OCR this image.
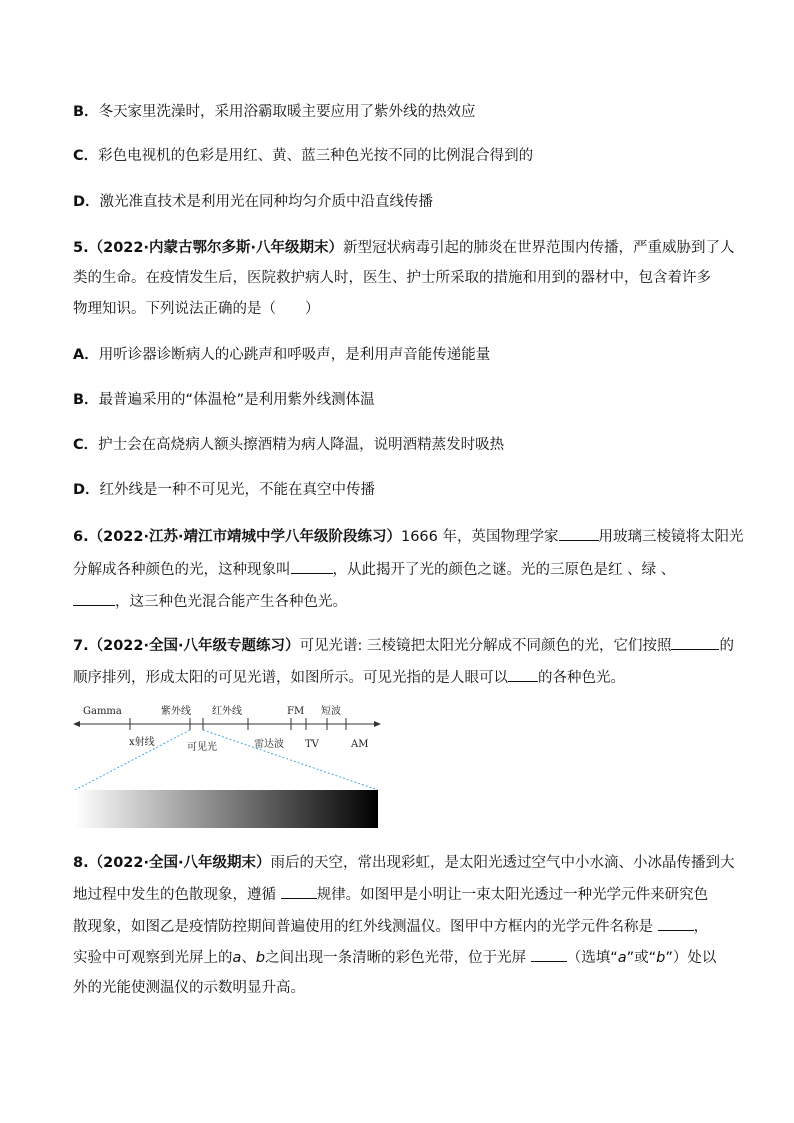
B．冬天家里洗澡时，采用浴霸取暖主要应用了紫外线的热效应
C．彩色电视机的色彩是用红、黄、蓝三种色光按不同的比例混合得到的
D．激光准直技术是利用光在同种均匀介质中沿直线传播
5.（2022·内蒙古鄂尔多斯·八年级期末）新型冠状病毒引起的肺炎在世界范围内传播，严重威胁到了人
类的生命。在疫情发生后，医院救护病人时，医生、护士所采取的措施和用到的器材中，包含着许多
物理知识。下列说法正确的是（　　）
A．用听诊器诊断病人的心跳声和呼吸声，是利用声音能传递能量
B．最普遍采用的“体温枪”是利用紫外线测体温
C．护士会在高烧病人额头擦酒精为病人降温，说明酒精蒸发时吸热
D．红外线是一种不可见光，不能在真空中传播
6.（2022·江苏·靖江市靖城中学八年级阶段练习）1666 年，英国物理学家	用玻璃三棱镜将太阳光
分解成各种颜色的光，这种现象叫	，从此揭开了光的颜色之谜。光的三原色是红 、绿 、
，这三种色光混合能产生各种色光。
7.（2022·全国·八年级专题练习）可见光谱: 三棱镜把太阳光分解成不同颜色的光，它们按照	的
顺序排列，形成太阳的可见光谱，如图所示。可见光指的是人眼可以 的各种色光。
Gamma	紫外线 红外线	FM 短波
x射线	可见光	雷达波 TV	AM
8.（2022·全国·八年级期末）雨后的天空，常出现彩虹，是太阳光透过空气中小水滴、小冰晶传播到大
地过程中发生的色散现象，遵循 规律。如图甲是小明让一束太阳光透过一种光学元件来研究色
散现象，如图乙是疫情防控期间普遍使用的红外线测温仪。图甲中方框内的光学元件名称是 ，
实验中可观察到光屏上的a、b之间出现一条清晰的彩色光带，位于光屏 （选填“a”或“b”）处以
外的光能使测温仪的示数明显升高。
